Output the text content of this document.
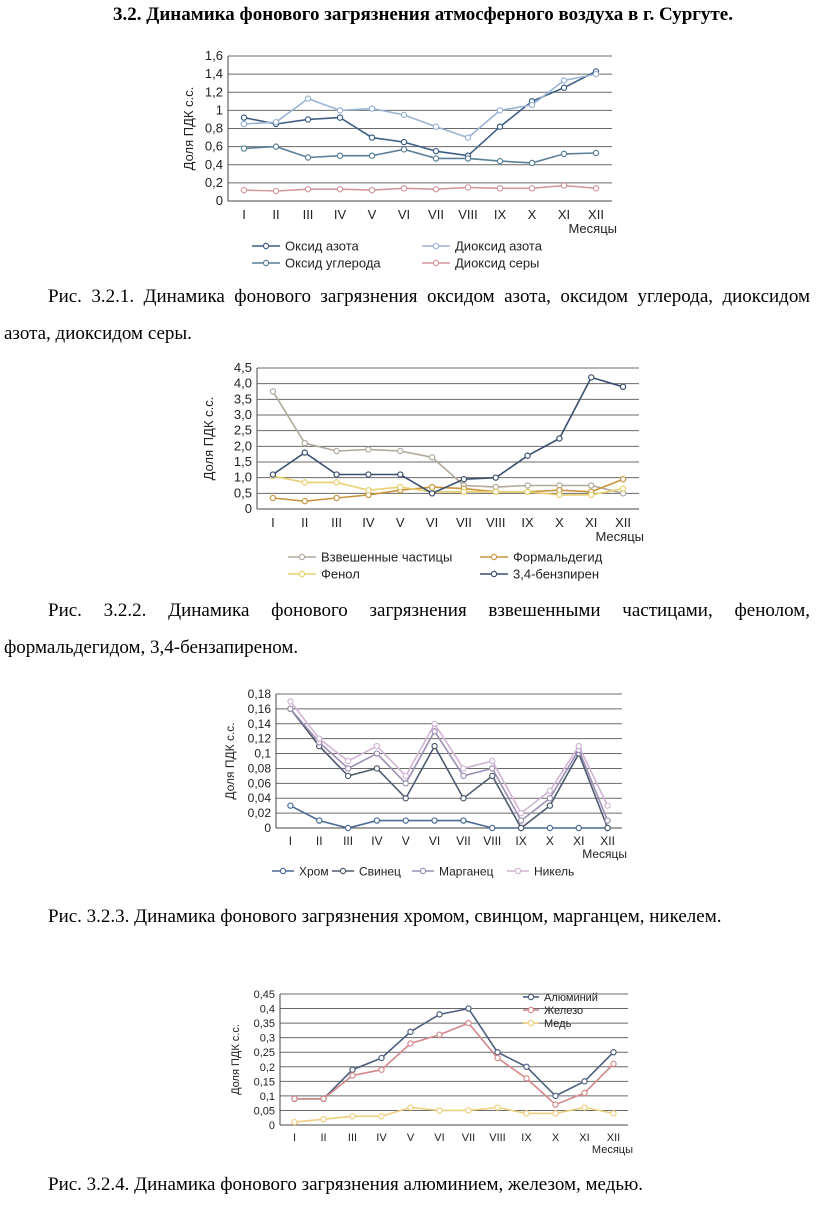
3.2. Динамика фонового загрязнения атмосферного воздуха в г. Сургуте.
0
0,2
0,4
0,6
0,8
1
1,2
1,4
1,6
I II III IV V VI VII VIII IX X XI XII
Месяцы
Доля ПДК с.с.
Оксид азота	Диоксид азота
Оксид углерода	Диоксид серы
Рис. 3.2.1. Динамика фонового загрязнения оксидом азота, оксидом углерода, диоксидом азота, диоксидом серы.
0
0,5
1,0
1,5
2,0
2,5
3,0
3,5
4,0
4,5
I II III IV V VI VII VIII IX X XI XII
Месяцы
Доля ПДК с.с.
Взвешенные частицы	Формальдегид
Фенол	3,4-бензпирен
Рис. 3.2.2. Динамика фонового загрязнения взвешенными частицами, фенолом, формальдегидом, 3,4-бензапиреном.
0
0,02
0,04
0,06
0,08
0,1
0,12
0,14
0,16
0,18
I II III IV V VI VII VIII IX X XI XII
Месяцы
Доля ПДК с.с.
Хром	Свинец	Марганец	Никель
Рис. 3.2.3. Динамика фонового загрязнения хромом, свинцом, марганцем, никелем.
0
0,05
0,1
0,15
0,2
0,25
0,3
0,35
0,4
0,45
I II III IV V VI VII VIII IX X XI XII
Месяцы
Доля ПДК с.с.
Алюминий
Железо
Медь
Рис. 3.2.4. Динамика фонового загрязнения алюминием, железом, медью.
